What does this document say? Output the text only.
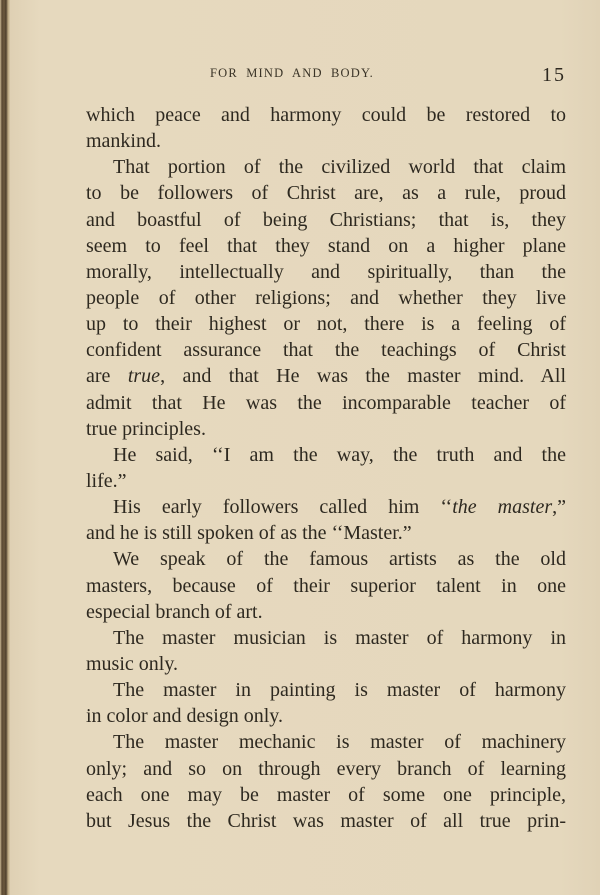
FOR MIND AND BODY.	15
which peace and harmony could be restored to
mankind.
That portion of the civilized world that claim
to be followers of Christ are, as a rule, proud
and boastful of being Christians; that is, they
seem to feel that they stand on a higher plane
morally, intellectually and spiritually, than the
people of other religions; and whether they live
up to their highest or not, there is a feeling of
confident assurance that the teachings of Christ
are true, and that He was the master mind. All
admit that He was the incomparable teacher of
true principles.
He said, ‘‘I am the way, the truth and the
life.”
His early followers called him ‘‘the master,”
and he is still spoken of as the ‘‘Master.”
We speak of the famous artists as the old
masters, because of their superior talent in one
especial branch of art.
The master musician is master of harmony in
music only.
The master in painting is master of harmony
in color and design only.
The master mechanic is master of machinery
only; and so on through every branch of learning
each one may be master of some one principle,
but Jesus the Christ was master of all true prin-
